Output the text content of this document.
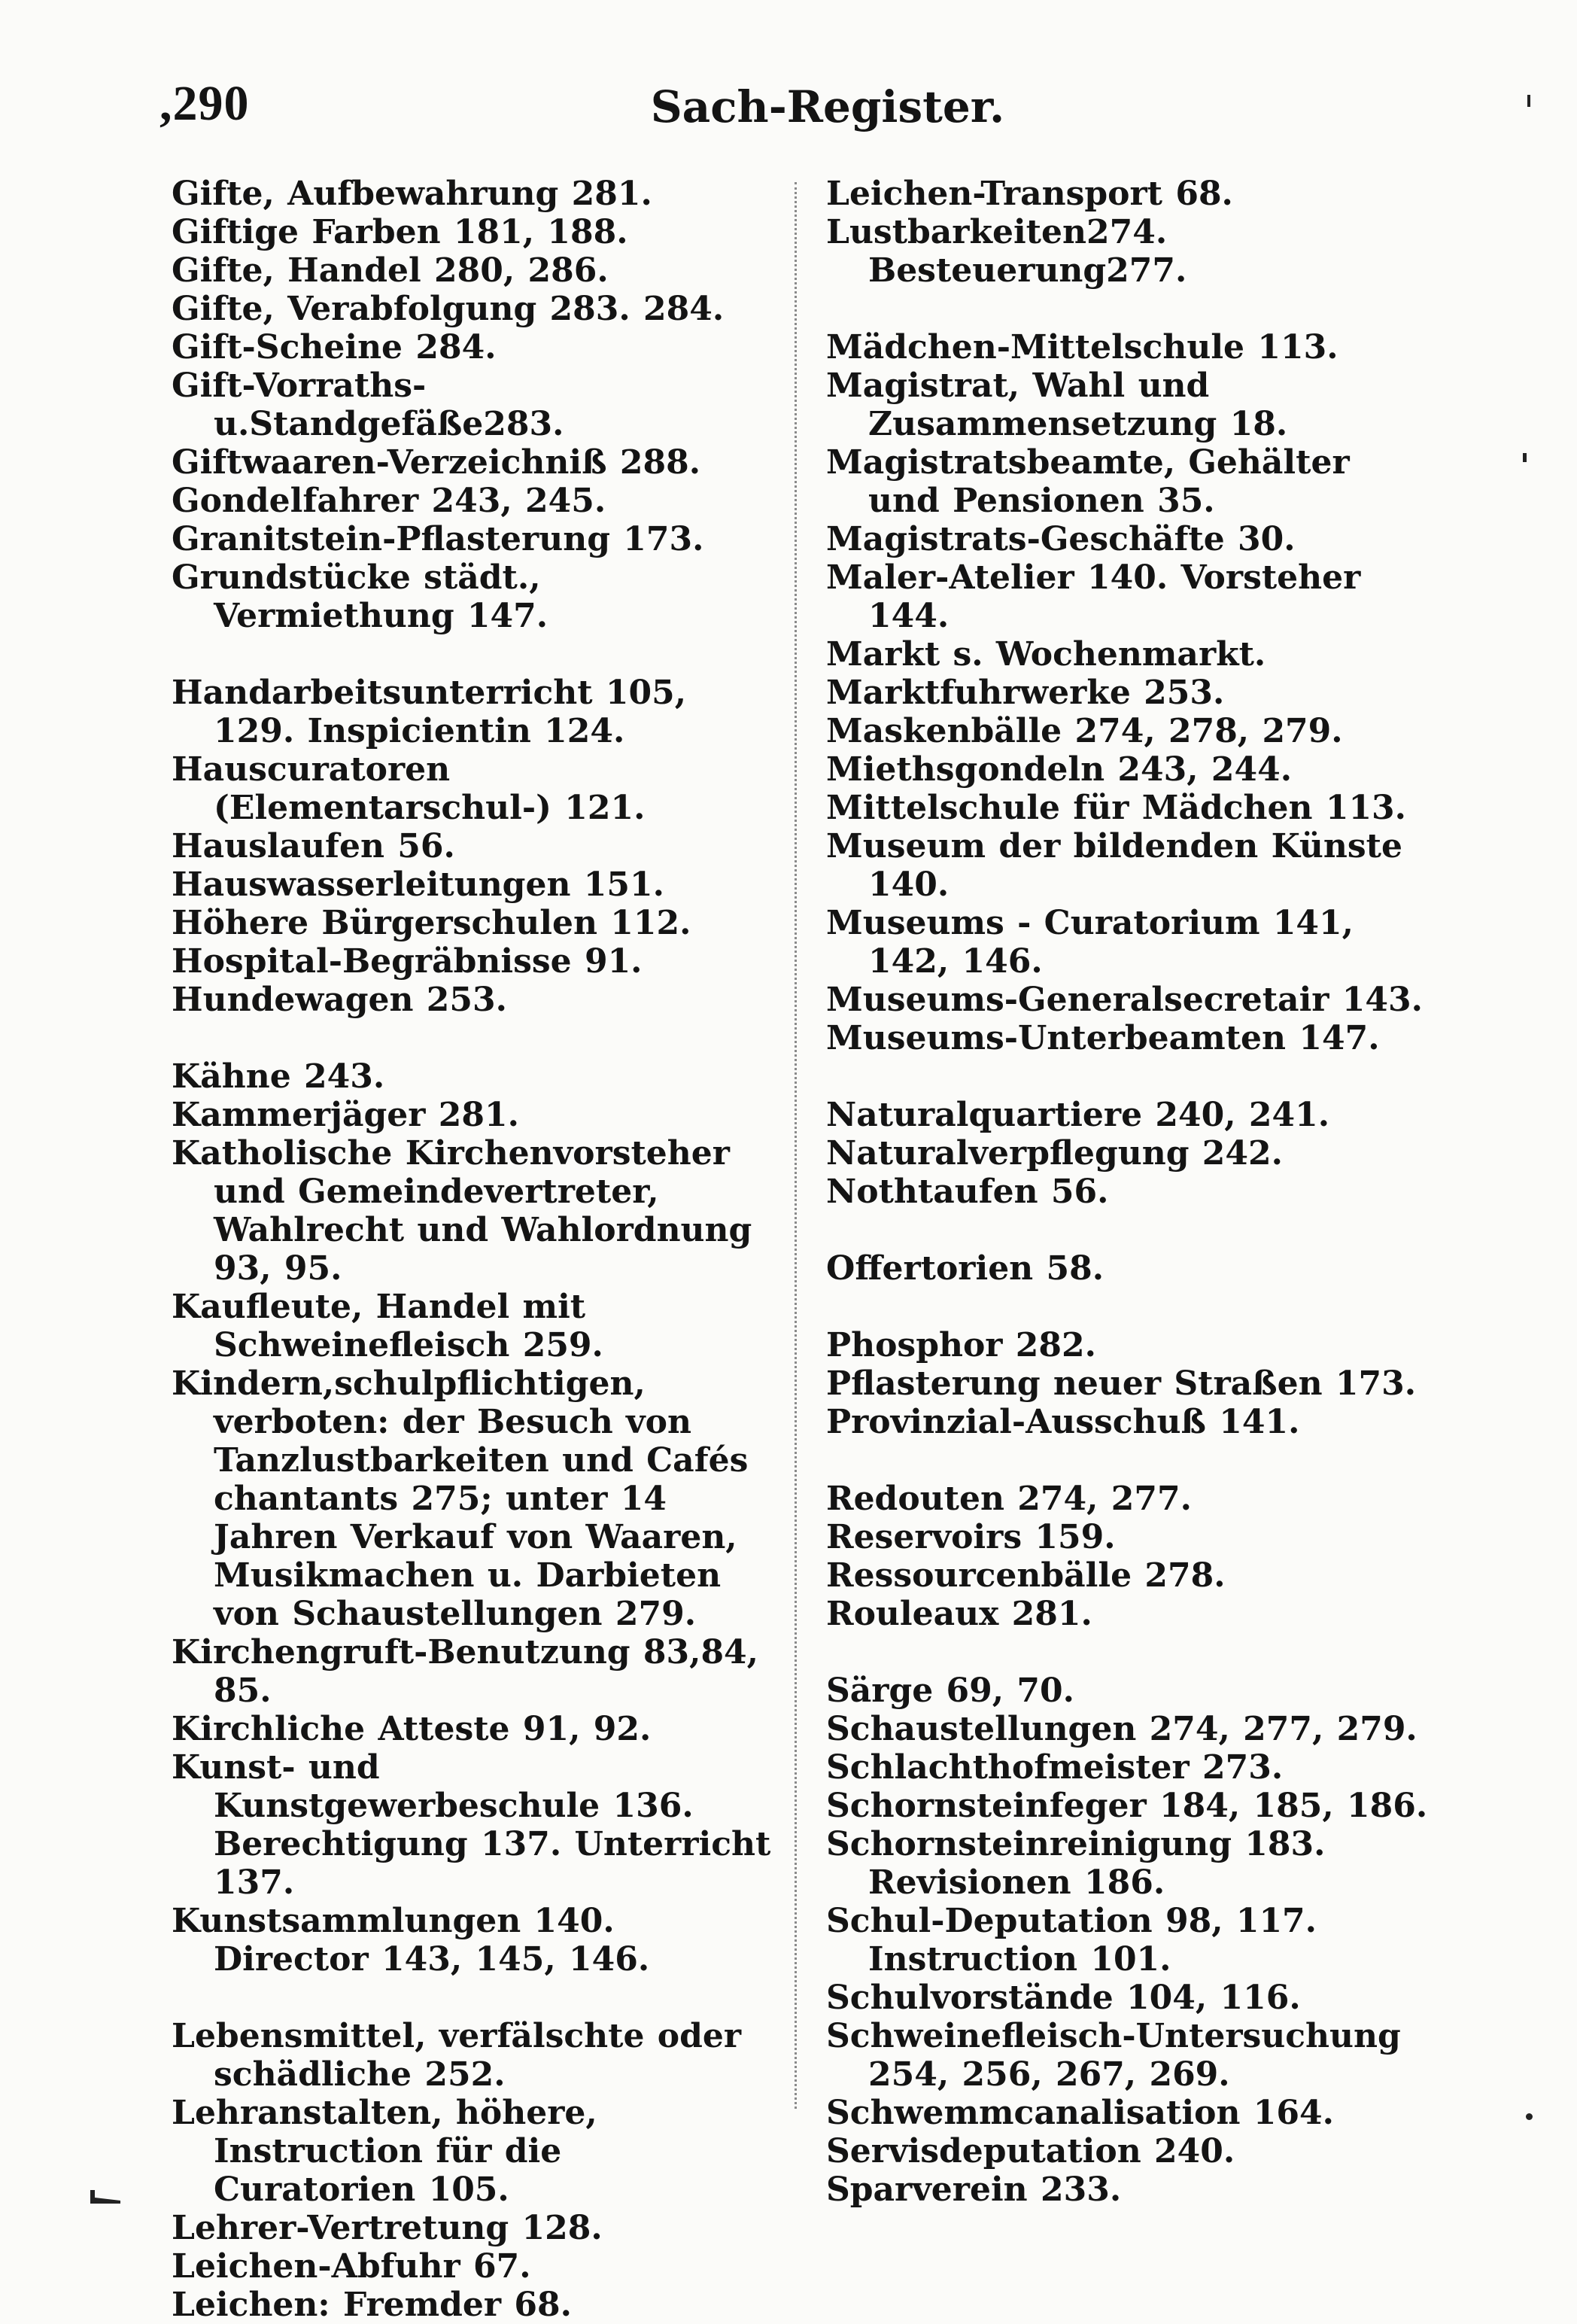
,290	Sach-Register.
Gifte, Aufbewahrung 281.
Giftige Farben 181, 188.
Gifte, Handel 280, 286.
Gifte, Verabfolgung 283. 284.
Gift-Scheine 284.
Gift-Vorraths-u.Standgefäße283.
Giftwaaren-Verzeichniß 288.
Gondelfahrer 243, 245.
Granitstein-Pflasterung 173.
Grundstücke städt., Vermiethung 147.
Handarbeitsunterricht 105, 129. Inspicientin 124.
Hauscuratoren (Elementarschul-) 121.
Hauslaufen 56.
Hauswasserleitungen 151.
Höhere Bürgerschulen 112.
Hospital-Begräbnisse 91.
Hundewagen 253.
Kähne 243.
Kammerjäger 281.
Katholische Kirchenvorsteher und Gemeindevertreter, Wahlrecht und Wahlordnung 93, 95.
Kaufleute, Handel mit Schweinefleisch 259.
Kindern,schulpflichtigen, verboten: der Besuch von Tanzlustbarkeiten und Cafés chantants 275; unter 14 Jahren Verkauf von Waaren, Musikmachen u. Darbieten von Schaustellungen 279.
Kirchengruft-Benutzung 83,84, 85.
Kirchliche Atteste 91, 92.
Kunst- und Kunstgewerbeschule 136. Berechtigung 137. Unterricht 137.
Kunstsammlungen 140. Director 143, 145, 146.
Lebensmittel, verfälschte oder schädliche 252.
Lehranstalten, höhere, Instruction für die Curatorien 105.
Lehrer-Vertretung 128.
Leichen-Abfuhr 67.
Leichen: Fremder 68.
Leichen-Transport 68.
Lustbarkeiten274. Besteuerung277.
Mädchen-Mittelschule 113.
Magistrat, Wahl und Zusammensetzung 18.
Magistratsbeamte, Gehälter und Pensionen 35.
Magistrats-Geschäfte 30.
Maler-Atelier 140. Vorsteher 144.
Markt s. Wochenmarkt.
Marktfuhrwerke 253.
Maskenbälle 274, 278, 279.
Miethsgondeln 243, 244.
Mittelschule für Mädchen 113.
Museum der bildenden Künste 140.
Museums - Curatorium 141, 142, 146.
Museums-Generalsecretair 143.
Museums-Unterbeamten 147.
Naturalquartiere 240, 241.
Naturalverpflegung 242.
Nothtaufen 56.
Offertorien 58.
Phosphor 282.
Pflasterung neuer Straßen 173.
Provinzial-Ausschuß 141.
Redouten 274, 277.
Reservoirs 159.
Ressourcenbälle 278.
Rouleaux 281.
Särge 69, 70.
Schaustellungen 274, 277, 279.
Schlachthofmeister 273.
Schornsteinfeger 184, 185, 186.
Schornsteinreinigung 183. Revisionen 186.
Schul-Deputation 98, 117. Instruction 101.
Schulvorstände 104, 116.
Schweinefleisch-Untersuchung 254, 256, 267, 269.
Schwemmcanalisation 164.
Servisdeputation 240.
Sparverein 233.
